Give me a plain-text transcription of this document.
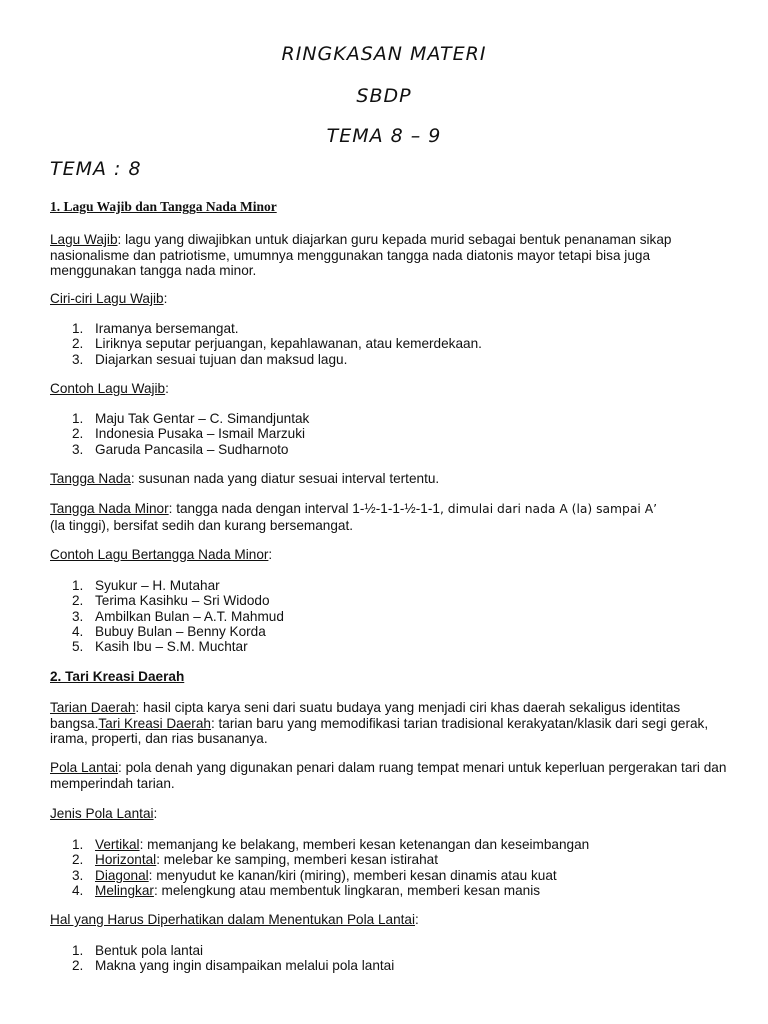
RINGKASAN MATERI
SBDP
TEMA 8 – 9
TEMA : 8
1. Lagu Wajib dan Tangga Nada Minor

Lagu Wajib: lagu yang diwajibkan untuk diajarkan guru kepada murid sebagai bentuk penanaman sikap nasionalisme dan patriotisme, umumnya menggunakan tangga nada diatonis mayor tetapi bisa juga menggunakan tangga nada minor.

Ciri-ciri Lagu Wajib:

1. Iramanya bersemangat.
2. Liriknya seputar perjuangan, kepahlawanan, atau kemerdekaan.
3. Diajarkan sesuai tujuan dan maksud lagu.

Contoh Lagu Wajib:

1. Maju Tak Gentar – C. Simandjuntak
2. Indonesia Pusaka – Ismail Marzuki
3. Garuda Pancasila – Sudharnoto

Tangga Nada: susunan nada yang diatur sesuai interval tertentu.

Tangga Nada Minor: tangga nada dengan interval 1-½-1-1-½-1-1, dimulai dari nada A (la) sampai A’
(la tinggi), bersifat sedih dan kurang bersemangat.

Contoh Lagu Bertangga Nada Minor:

1. Syukur – H. Mutahar
2. Terima Kasihku – Sri Widodo
3. Ambilkan Bulan – A.T. Mahmud
4. Bubuy Bulan – Benny Korda
5. Kasih Ibu – S.M. Muchtar
2. Tari Kreasi Daerah

Tarian Daerah: hasil cipta karya seni dari suatu budaya yang menjadi ciri khas daerah sekaligus identitas bangsa.Tari Kreasi Daerah: tarian baru yang memodifikasi tarian tradisional kerakyatan/klasik dari segi gerak, irama, properti, dan rias busananya.

Pola Lantai: pola denah yang digunakan penari dalam ruang tempat menari untuk keperluan pergerakan tari dan memperindah tarian.

Jenis Pola Lantai:

1. Vertikal: memanjang ke belakang, memberi kesan ketenangan dan keseimbangan
2. Horizontal: melebar ke samping, memberi kesan istirahat
3. Diagonal: menyudut ke kanan/kiri (miring), memberi kesan dinamis atau kuat
4. Melingkar: melengkung atau membentuk lingkaran, memberi kesan manis

Hal yang Harus Diperhatikan dalam Menentukan Pola Lantai:

1. Bentuk pola lantai
2. Makna yang ingin disampaikan melalui pola lantai
